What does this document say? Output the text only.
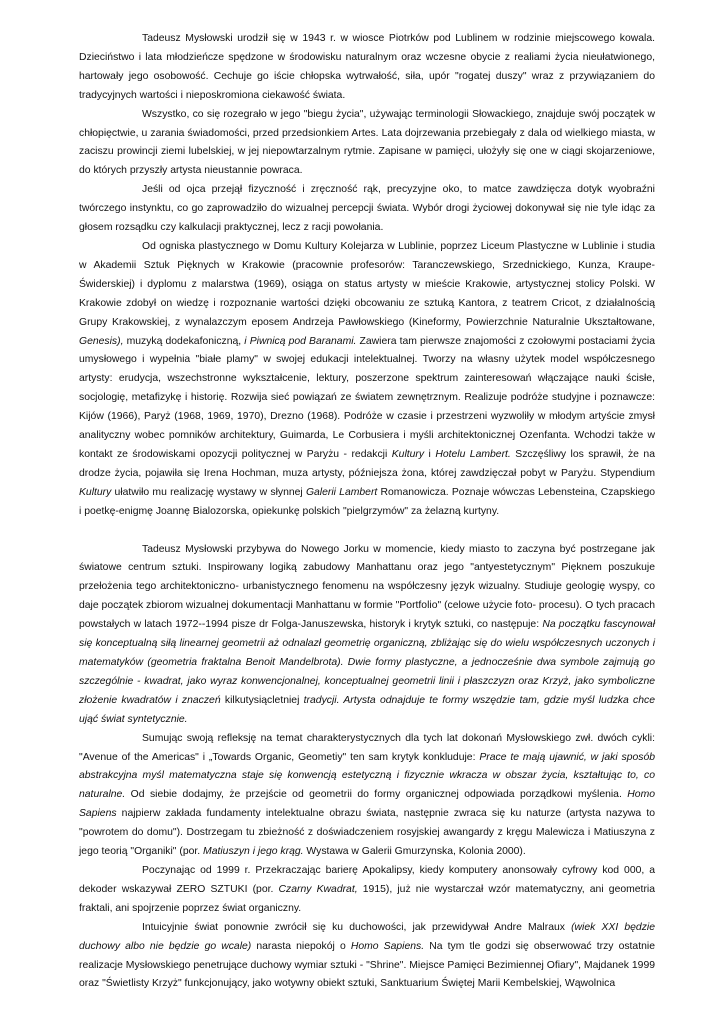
Tadeusz Mysłowski urodził się w 1943 r. w wiosce Piotrków pod Lublinem w rodzinie miejscowego kowala. Dzieciństwo i lata młodzieńcze spędzone w środowisku naturalnym oraz wczesne obycie z realiami życia nieułatwionego, hartowały jego osobowość. Cechuje go iście chłopska wytrwałość, siła, upór "rogatej duszy" wraz z przywiązaniem do tradycyjnych wartości i nieposkromiona ciekawość świata.

Wszystko, co się rozegrało w jego "biegu życia", używając terminologii Słowackiego, znajduje swój początek w chłopięctwie, u zarania świadomości, przed przedsionkiem Artes. Lata dojrzewania przebiegały z dala od wielkiego miasta, w zaciszu prowincji ziemi lubelskiej, w jej niepowtarzalnym rytmie. Zapisane w pamięci, ułożyły się one w ciągi skojarzeniowe, do których przyszły artysta nieustannie powraca.

Jeśli od ojca przejął fizyczność i zręczność rąk, precyzyjne oko, to matce zawdzięcza dotyk wyobraźni twórczego instynktu, co go zaprowadziło do wizualnej percepcji świata. Wybór drogi życiowej dokonywał się nie tyle idąc za głosem rozsądku czy kalkulacji praktycznej, lecz z racji powołania.

Od ogniska plastycznego w Domu Kultury Kolejarza w Lublinie, poprzez Liceum Plastyczne w Lublinie i studia w Akademii Sztuk Pięknych w Krakowie (pracownie profesorów: Taranczewskiego, Srzednickiego, Kunza, Kraupe-Świderskiej) i dyplomu z malarstwa (1969), osiąga on status artysty w mieście Krakowie, artystycznej stolicy Polski. W Krakowie zdobył on wiedzę i rozpoznanie wartości dzięki obcowaniu ze sztuką Kantora, z teatrem Cricot, z działalnością Grupy Krakowskiej, z wynalazczym eposem Andrzeja Pawłowskiego (Kineformy, Powierzchnie Naturalnie Ukształtowane, Genesis), muzyką dodekafoniczną, i Piwnicą pod Baranami. Zawiera tam pierwsze znajomości z czołowymi postaciami życia umysłowego i wypełnia "białe plamy" w swojej edukacji intelektualnej. Tworzy na własny użytek model współczesnego artysty: erudycja, wszechstronne wykształcenie, lektury, poszerzone spektrum zainteresowań włączające nauki ścisłe, socjologię, metafizykę i historię. Rozwija sieć powiązań ze światem zewnętrznym. Realizuje podróże studyjne i poznawcze: Kijów (1966), Paryż (1968, 1969, 1970), Drezno (1968). Podróże w czasie i przestrzeni wyzwoliły w młodym artyście zmysł analityczny wobec pomników architektury, Guimarda, Le Corbusiera i myśli architektonicznej Ozenfanta. Wchodzi także w kontakt ze środowiskami opozycji politycznej w Paryżu - redakcji Kultury i Hotelu Lambert. Szczęśliwy los sprawił, że na drodze życia, pojawiła się Irena Hochman, muza artysty, późniejsza żona, której zawdzięczał pobyt w Paryżu. Stypendium Kultury ułatwiło mu realizację wystawy w słynnej Galerii Lambert Romanowicza. Poznaje wówczas Lebensteina, Czapskiego i poetkę-enigmę Joannę Bialozorska, opiekunkę polskich "pielgrzymów" za żelazną kurtyny.

Tadeusz Mysłowski przybywa do Nowego Jorku w momencie, kiedy miasto to zaczyna być postrzegane jak światowe centrum sztuki. Inspirowany logiką zabudowy Manhattanu oraz jego "antyestetycznym" Pięknem poszukuje przełożenia tego architektoniczno- urbanistycznego fenomenu na współczesny język wizualny. Studiuje geologię wyspy, co daje początek zbiorom wizualnej dokumentacji Manhattanu w formie "Portfolio" (celowe użycie foto- procesu). O tych pracach powstałych w latach 1972--1994 pisze dr Folga-Januszewska, historyk i krytyk sztuki, co następuje: Na początku fascynował się konceptualną siłą linearnej geometrii aż odnalazł geometrię organiczną, zbliżając się do wielu współczesnych uczonych i matematyków (geometria fraktalna Benoit Mandelbrota). Dwie formy plastyczne, a jednocześnie dwa symbole zajmują go szczególnie - kwadrat, jako wyraz konwencjonalnej, konceptualnej geometrii linii i płaszczyzn oraz Krzyż, jako symboliczne złożenie kwadratów i znaczeń kilkutysiącletniej tradycji. Artysta odnajduje te formy wszędzie tam, gdzie myśl ludzka chce ująć świat syntetycznie.

Sumując swoją refleksję na temat charakterystycznych dla tych lat dokonań Mysłowskiego zwł. dwóch cykli: "Avenue of the Americas" i „Towards Organic, Geometiy" ten sam krytyk konkluduje: Prace te mają ujawnić, w jaki sposób abstrakcyjna myśl matematyczna staje się konwencją estetyczną i fizycznie wkracza w obszar życia, kształtując to, co naturalne. Od siebie dodajmy, że przejście od geometrii do formy organicznej odpowiada porządkowi myślenia. Homo Sapiens najpierw zakłada fundamenty intelektualne obrazu świata, następnie zwraca się ku naturze (artysta nazywa to "powrotem do domu"). Dostrzegam tu zbieżność z doświadczeniem rosyjskiej awangardy z kręgu Malewicza i Matiuszyna z jego teorią "Organiki" (por. Matiuszyn i jego krąg. Wystawa w Galerii Gmurzynska, Kolonia 2000).

Poczynając od 1999 r. Przekraczając barierę Apokalipsy, kiedy komputery anonsowały cyfrowy kod 000, a dekoder wskazywał ZERO SZTUKI (por. Czarny Kwadrat, 1915), już nie wystarczał wzór matematyczny, ani geometria fraktali, ani spojrzenie poprzez świat organiczny.

Intuicyjnie świat ponownie zwrócił się ku duchowości, jak przewidywał Andre Malraux (wiek XXI będzie duchowy albo nie będzie go wcale) narasta niepokój o Homo Sapiens. Na tym tle godzi się obserwować trzy ostatnie realizacje Mysłowskiego penetrujące duchowy wymiar sztuki - "Shrine". Miejsce Pamięci Bezimiennej Ofiary", Majdanek 1999 oraz "Świetlisty Krzyż" funkcjonujący, jako wotywny obiekt sztuki, Sanktuarium Świętej Marii Kembelskiej, Wąwolnica
